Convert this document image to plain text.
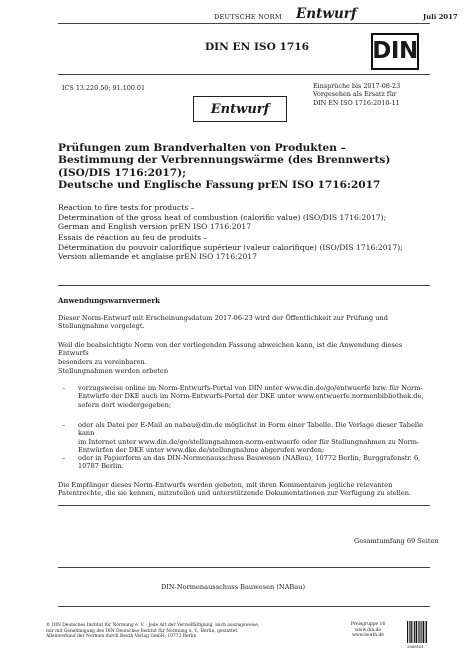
DEUTSCHE NORM Entwurf	Juli 2017
DIN EN ISO 1716	DIN
ICS 13.220.50; 91.100.01	Einsprüche bis 2017-08-23
Vorgesehen als Ersatz für
DIN EN ISO 1716:2010-11
Entwurf
Prüfungen zum Brandverhalten von Produkten –
Bestimmung der Verbrennungswärme (des Brennwerts)
(ISO/DIS 1716:2017);
Deutsche und Englische Fassung prEN ISO 1716:2017
Reaction to fire tests for products –
Determination of the gross heat of combustion (calorific value) (ISO/DIS 1716:2017);
German and English version prEN ISO 1716:2017
Essais de réaction au feu de produits –
Détermination du pouvoir calorifique supérieur (valeur calorifique) (ISO/DIS 1716:2017);
Version allemande et anglaise prEN ISO 1716:2017
Anwendungswarnvermerk
Dieser Norm-Entwurf mit Erscheinungsdatum 2017-06-23 wird der Öffentlichkeit zur Prüfung und
Stellungnahme vorgelegt.
Weil die beabsichtigte Norm von der vorliegenden Fassung abweichen kann, ist die Anwendung dieses Entwurfs
besonders zu vereinbaren.
Stellungnahmen werden erbeten
– vorzugsweise online im Norm-Entwurfs-Portal von DIN unter www.din.de/go/entwuerfe bzw. für Norm-
Entwürfe der DKE auch im Norm-Entwurfs-Portal der DKE unter www.entwuerfe.normenbibliothek.de,
sofern dort wiedergegeben;
– oder als Datei per E-Mail an nabau@din.de möglichst in Form einer Tabelle. Die Vorlage dieser Tabelle kann
im Internet unter www.din.de/go/stellungnahmen-norm-entwuerfe oder für Stellungnahmen zu Norm-
Entwürfen der DKE unter www.dke.de/stellungnahme abgerufen werden;
– oder in Papierform an das DIN-Normenausschuss Bauwesen (NABau), 10772 Berlin, Burggrafenstr. 6,
10787 Berlin.
Die Empfänger dieses Norm-Entwurfs werden gebeten, mit ihren Kommentaren jegliche relevanten
Patentrechte, die sie kennen, mitzuteilen und unterstützende Dokumentationen zur Verfügung zu stellen.
Gesamtumfang 69 Seiten
DIN-Normenausschuss Bauwesen (NABau)
© DIN Deutsches Institut für Normung e. V. · Jede Art der Vervielfältigung, auch auszugsweise,
nur mit Genehmigung des DIN Deutsches Institut für Normung e. V., Berlin, gestattet.
Alleinverkauf der Normen durch Beuth Verlag GmbH, 10772 Berlin
Preisgruppe 16
www.din.de
www.beuth.de
2666161
